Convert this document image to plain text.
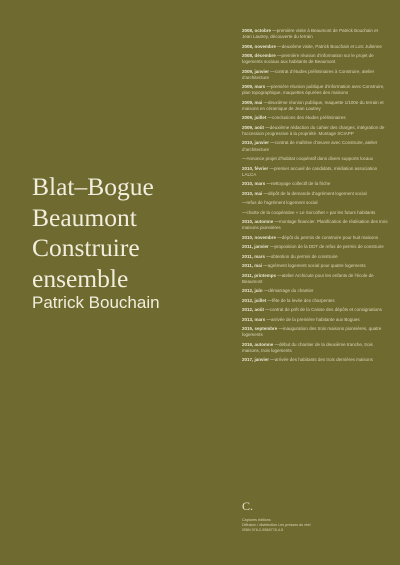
Blat–Bogue
Beaumont
Construire
ensemble

Patrick Bouchain

2008, octobre —première visite à Beaumont de Patrick Bouchain et Jean Lautrey, découverte du terrain
2008, novembre —deuxième visite, Patrick Bouchain et Loïc Julienne
2008, décembre —première réunion d’information sur le projet de logements sociaux aux habitants de Beaumont
2009, janvier —contrat d’études préliminaires à Construire, atelier d’architecture
2009, mars —première réunion publique d’information avec Construire, plan topographique, maquettes épurées des maisons
2009, mai —deuxième réunion publique, maquette 1/100e du terrain et maisons en céramique de Jean Lautrey
2009, juillet —conclusions des études préliminaires
2009, août —deuxième rédaction du cahier des charges, intégration de l’accession progressive à la propriété. Montage SCIAPP
2010, janvier —contrat de maîtrise d’œuvre avec Construire, atelier d’architecture
—Annonce projet d’habitat coopératif dans divers supports locaux
2010, février —premier accueil de candidats, médiation association LALCA
2010, mars —nettoyage collectif de la friche
2010, mai —dépôt de la demande d’agrément logement social
—refus de l’agrément logement social
—charte de la coopérative « Le Sorcolhet » par les futurs habitants
2010, automne —montage financier. Planification de réalisation des trois maisons pionnières
2010, novembre —dépôt du permis de construire pour huit maisons
2011, janvier —proposition de la DDT de refus de permis de construire
2011, mars —obtention du permis de construire
2011, mai —agrément logement social pour quatre logements
2011, printemps —atelier Archicute pour les enfants de l’école de Beaumont
2012, juin —démarrage du chantier
2012, juillet —fête de la levée des charpentes
2012, août —contrat de prêt de la Caisse des dépôts et consignations
2013, mars —arrivée de la première habitante aux Bogues
2015, septembre —inauguration des trois maisons pionnières, quatre logements
2016, automne —début du chantier de la deuxième tranche, trois maisons, trois logements
2017, janvier —arrivée des habitants des trois dernières maisons
C.
Captures éditions
Diffusion / distribution Les presses du réel
ISBN 978-2-9558778-4-5
